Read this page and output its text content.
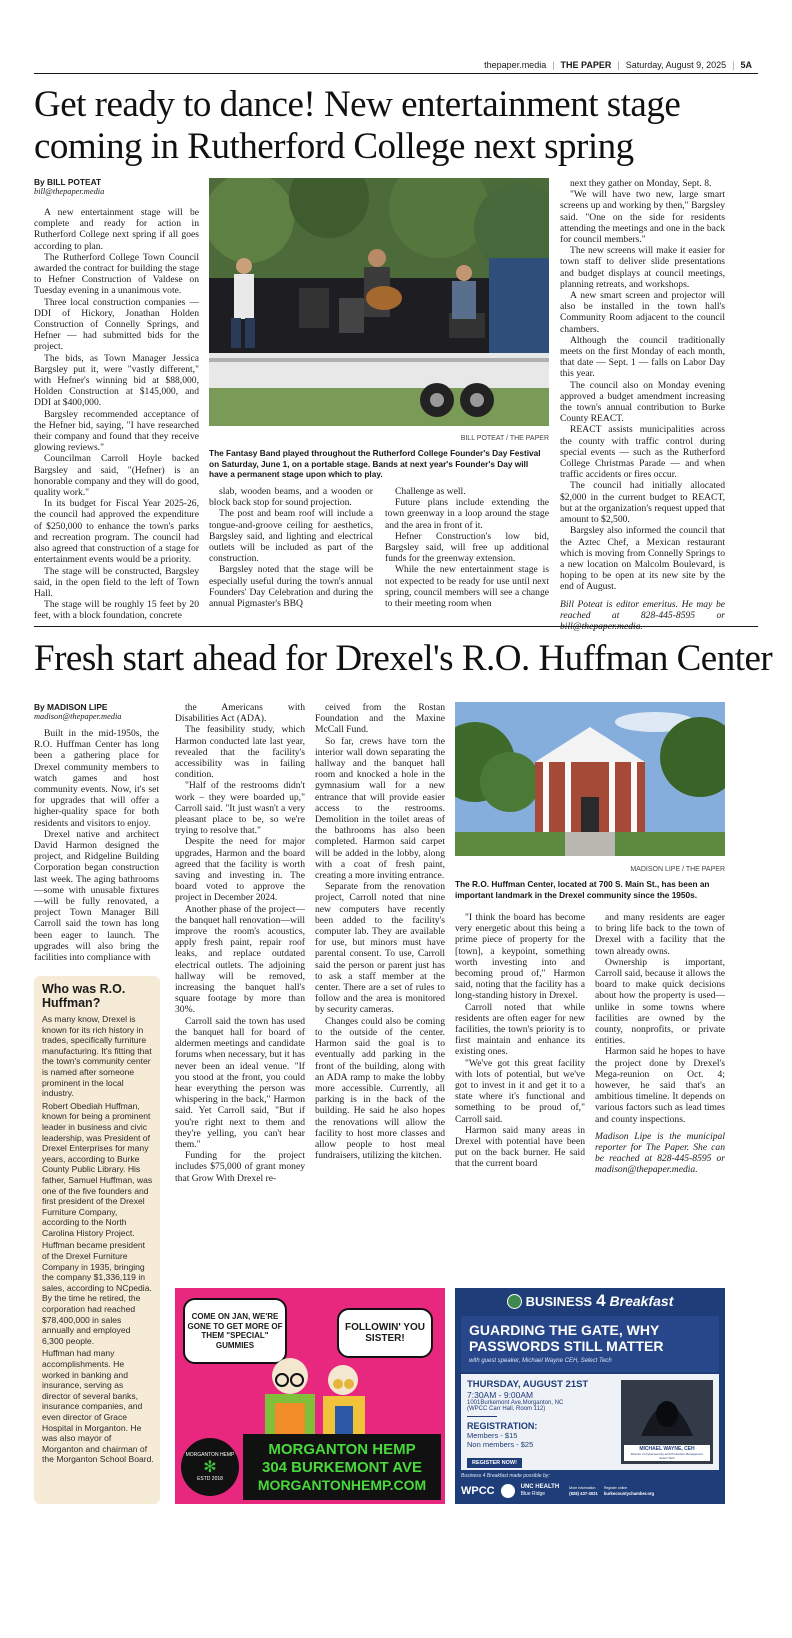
thepaper.media | THE PAPER | Saturday, August 9, 2025 | 5A
Get ready to dance! New entertainment stage
coming in Rutherford College next spring
By BILL POTEAT
bill@thepaper.media

A new entertainment stage will be complete and ready for action in Rutherford College next spring if all goes according to plan.

The Rutherford College Town Council awarded the contract for building the stage to Hefner Construction of Valdese on Tuesday evening in a unanimous vote.

Three local construction companies — DDI of Hickory, Jonathan Holden Construction of Connelly Springs, and Hefner — had submitted bids for the project.

The bids, as Town Manager Jessica Bargsley put it, were "vastly different," with Hefner's winning bid at $88,000, Holden Construction at $145,000, and DDI at $400,000.

Bargsley recommended acceptance of the Hefner bid, saying, "I have researched their company and found that they receive glowing reviews."

Councilman Carroll Hoyle backed Bargsley and said, "(Hefner) is an honorable company and they will do good, quality work."

In its budget for Fiscal Year 2025-26, the council had approved the expenditure of $250,000 to enhance the town's parks and recreation program. The council had also agreed that construction of a stage for entertainment events would be a priority.

The stage will be constructed, Bargsley said, in the open field to the left of Town Hall.

The stage will be roughly 15 feet by 20 feet, with a block foundation, concrete

BILL POTEAT / THE PAPER
The Fantasy Band played throughout the Rutherford College Founder's Day Festival on Saturday, June 1, on a portable stage. Bands at next year's Founder's Day will have a permanent stage upon which to play.

slab, wooden beams, and a wooden or block back stop for sound projection.

The post and beam roof will include a tongue-and-groove ceiling for aesthetics, Bargsley said, and lighting and electrical outlets will be included as part of the construction.

Bargsley noted that the stage will be especially useful during the town's annual Founders' Day Celebration and during the annual Pigmaster's BBQ

Challenge as well.

Future plans include extending the town greenway in a loop around the stage and the area in front of it.

Hefner Construction's low bid, Bargsley said, will free up additional funds for the greenway extension.

While the new entertainment stage is not expected to be ready for use until next spring, council members will see a change to their meeting room when

next they gather on Monday, Sept. 8.

"We will have two new, large smart screens up and working by then," Bargsley said. "One on the side for residents attending the meetings and one in the back for council members."

The new screens will make it easier for town staff to deliver slide presentations and budget displays at council meetings, planning retreats, and workshops.

A new smart screen and projector will also be installed in the town hall's Community Room adjacent to the council chambers.

Although the council traditionally meets on the first Monday of each month, that date — Sept. 1 — falls on Labor Day this year.

The council also on Monday evening approved a budget amendment increasing the town's annual contribution to Burke County REACT.

REACT assists municipalities across the county with traffic control during special events — such as the Rutherford College Christmas Parade — and when traffic accidents or fires occur.

The council had initially allocated $2,000 in the current budget to REACT, but at the organization's request upped that amount to $2,500.

Bargsley also informed the council that the Aztec Chef, a Mexican restaurant which is moving from Connelly Springs to a new location on Malcolm Boulevard, is hoping to be open at its new site by the end of August.

Bill Poteat is editor emeritus. He may be reached at 828-445-8595 or

Fresh start ahead for Drexel's R.O. Huffman Center
By MADISON LIPE
madison@thepaper.media

Built in the mid-1950s, the R.O. Huffman Center has long been a gathering place for Drexel community members to watch games and host community events. Now, it's set for upgrades that will offer a higher-quality space for both residents and visitors to enjoy.

Drexel native and architect David Harmon designed the project, and Ridgeline Building Corporation began construction last week. The aging bathrooms—some with unusable fixtures—will be fully renovated, a project Town Manager Bill Carroll said the town has long been eager to launch. The upgrades will also bring the facilities into compliance with

Who was R.O. Huffman?

As many know, Drexel is known for its rich history in trades, specifically furniture manufacturing. It's fitting that the town's community center is named after someone prominent in the local industry.

Robert Obediah Huffman, known for being a prominent leader in business and civic leadership, was President of Drexel Enterprises for many years, according to Burke County Public Library. His father, Samuel Huffman, was one of the five founders and first president of the Drexel Furniture Company, according to the North Carolina History Project.

Huffman became president of the Drexel Furniture Company in 1935, bringing the company $1,336,119 in sales, according to NCpedia. By the time he retired, the corporation had reached $78,400,000 in sales annually and employed 6,300 people.

Huffman had many accomplishments. He worked in banking and insurance, serving as director of several banks, insurance companies, and even director of Grace Hospital in Morganton. He was also mayor of Morganton and chairman of the Morganton School Board.

the Americans with Disabilities Act (ADA).

The feasibility study, which Harmon conducted late last year, revealed that the facility's accessibility was in failing condition.

"Half of the restrooms didn't work – they were boarded up," Carroll said. "It just wasn't a very pleasant place to be, so we're trying to resolve that."

Despite the need for major upgrades, Harmon and the board agreed that the facility is worth saving and investing in. The board voted to approve the project in December 2024.

Another phase of the project—the banquet hall renovation—will improve the room's acoustics, apply fresh paint, repair roof leaks, and replace outdated electrical outlets. The adjoining hallway will be removed, increasing the banquet hall's square footage by more than 30%.

Carroll said the town has used the banquet hall for board of aldermen meetings and candidate forums when necessary, but it has never been an ideal venue. "If you stood at the front, you could hear everything the person was whispering in the back," Harmon said. Yet Carroll said, "But if you're right next to them and they're yelling, you can't hear them."

Funding for the project includes $75,000 of grant money that Grow With Drexel re-

ceived from the Rostan Foundation and the Maxine McCall Fund.

So far, crews have torn the interior wall down separating the hallway and the banquet hall room and knocked a hole in the gymnasium wall for a new entrance that will provide easier access to the restrooms. Demolition in the toilet areas of the bathrooms has also been completed. Harmon said carpet will be added in the lobby, along with a coat of fresh paint, creating a more inviting entrance.

Separate from the renovation project, Carroll noted that nine new computers have recently been added to the facility's computer lab. They are available for use, but minors must have parental consent. To use, Carroll said the person or parent just has to ask a staff member at the center. There are a set of rules to follow and the area is monitored by security cameras.

Changes could also be coming to the outside of the center. Harmon said the goal is to eventually add parking in the front of the building, along with an ADA ramp to make the lobby more accessible. Currently, all parking is in the back of the building. He said he also hopes the renovations will allow the facility to host more classes and allow people to host meal fundraisers, utilizing the kitchen.

MADISON LIPE / THE PAPER
The R.O. Huffman Center, located at 700 S. Main St., has been an important landmark in the Drexel community since the 1950s.

"I think the board has become very energetic about this being a prime piece of property for the [town], a keypoint, something worth investing into and becoming proud of," Harmon said, noting that the facility has a long-standing history in Drexel.

Carroll noted that while residents are often eager for new facilities, the town's priority is to first maintain and enhance its existing ones.

"We've got this great facility with lots of potential, but we've got to invest in it and get it to a state where it's functional and something to be proud of," Carroll said.

Harmon said many areas in Drexel with potential have been put on the back burner. He said that the current board

and many residents are eager to bring life back to the town of Drexel with a facility that the town already owns.

Ownership is important, Carroll said, because it allows the board to make quick decisions about how the property is used—unlike in some towns where facilities are owned by the county, nonprofits, or private entities.

Harmon said he hopes to have the project done by Drexel's Mega-reunion on Oct. 4; however, he said that's an ambitious timeline. It depends on various factors such as lead times and county inspections.

Madison Lipe is the municipal reporter for The Paper. She can be reached at 828-445-8595 or madison@thepaper.media.

COME ON JAN, WE'RE GONE TO GET MORE OF THEM "SPECIAL" GUMMIES
FOLLOWIN' YOU SISTER!
MORGANTON HEMP
✻
ESTD 2018
MORGANTON HEMP
304 BURKEMONT AVE
MORGANTONHEMP.COM
BUSINESS 4 Breakfast
GUARDING THE GATE, WHY PASSWORDS STILL MATTER
with guest speaker, Michael Wayne CEH, Select Tech
THURSDAY, AUGUST 21ST
7:30AM - 9:00AM
1001Burkemont Ave,Morganton, NC
(WPCC Carr Hall, Room 112)
REGISTRATION:
Members - $15
Non members - $25
REGISTER NOW!
MICHAEL WAYNE, CEH
Director of Cybersecurity and Production Management
Select Tech
Business 4 Breakfast made possible by:
WPCC	UNC HEALTH
Blue Ridge
More information
(828) 437-3021
Register online
burkecountychamber.org
